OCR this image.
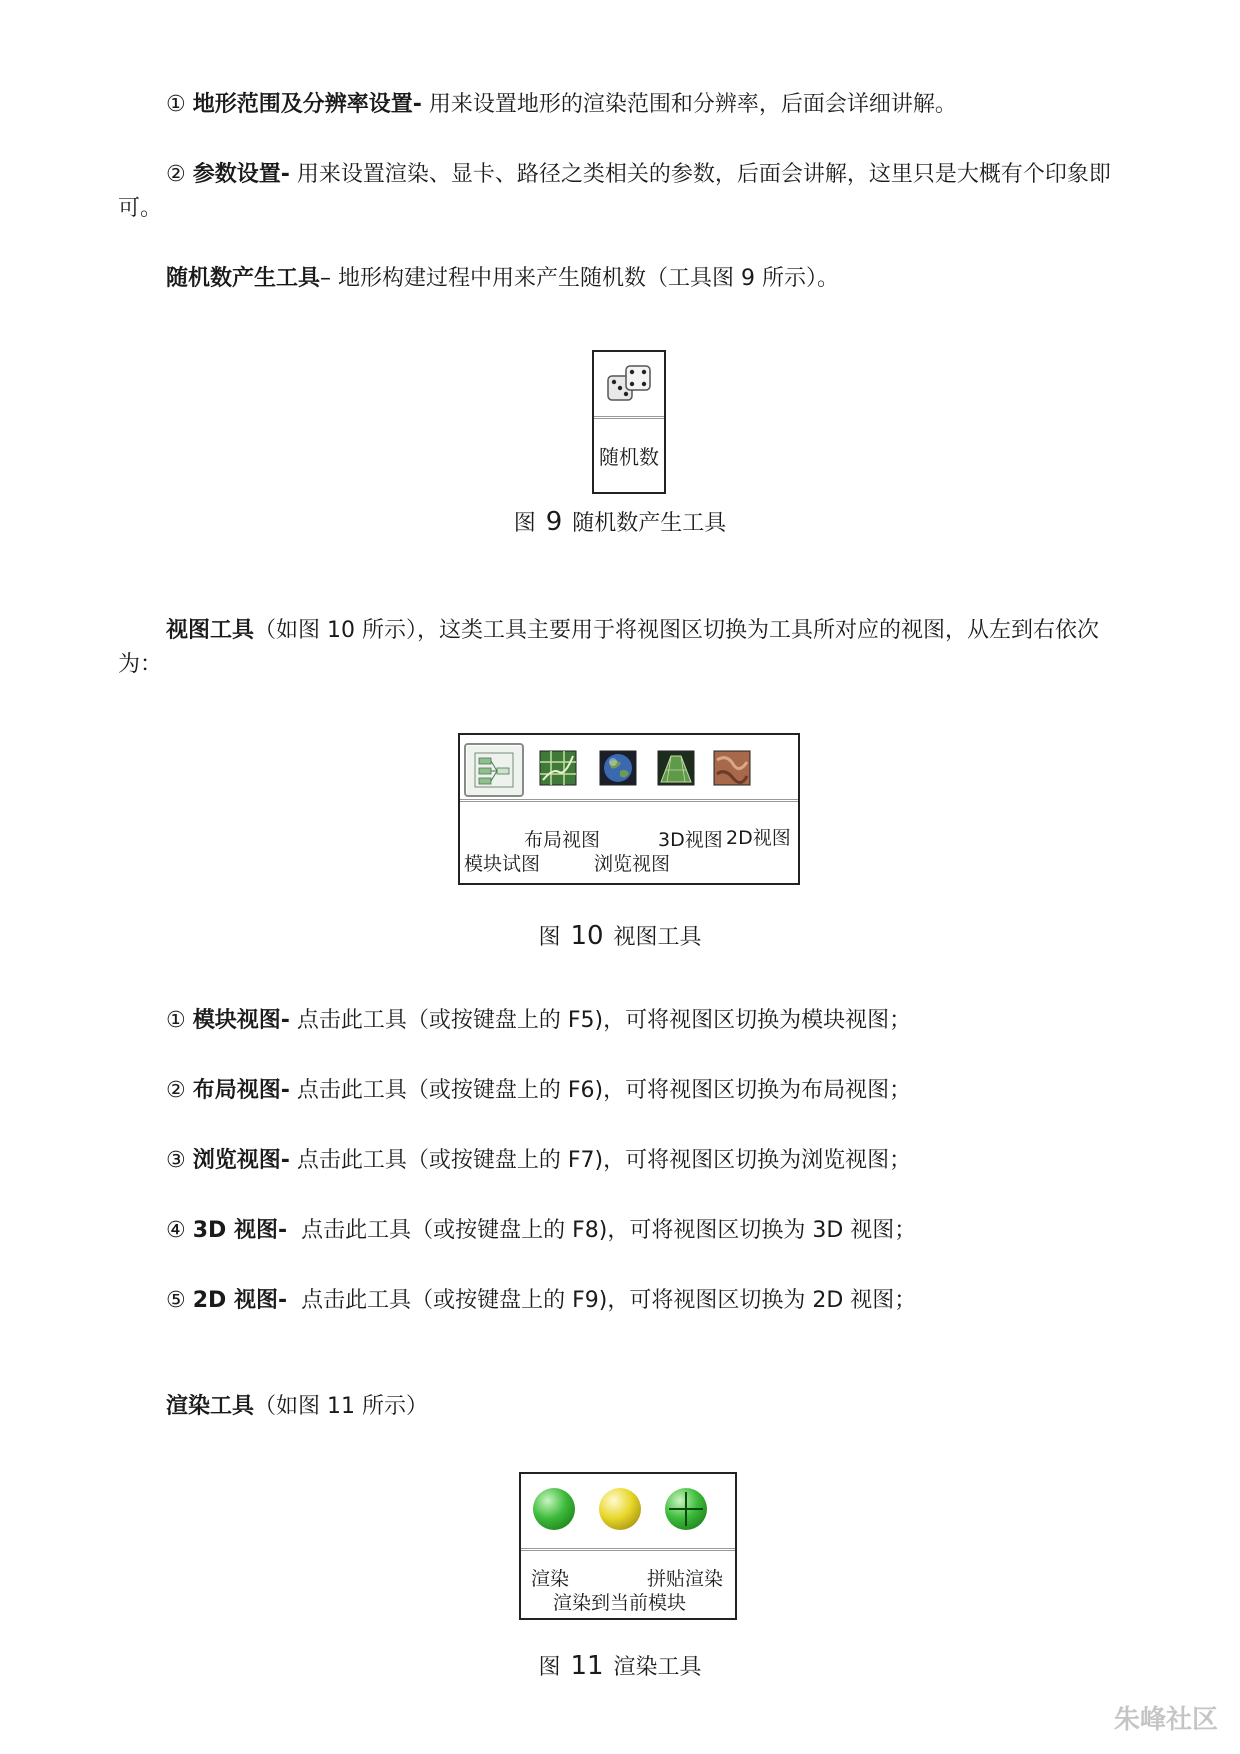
① 地形范围及分辨率设置- 用来设置地形的渲染范围和分辨率，后面会详细讲解。
② 参数设置- 用来设置渲染、显卡、路径之类相关的参数，后面会讲解，这里只是大概有个印象即可。
随机数产生工具– 地形构建过程中用来产生随机数（工具图 9 所示）。
随机数
图 9 随机数产生工具
视图工具（如图 10 所示），这类工具主要用于将视图区切换为工具所对应的视图，从左到右依次为：
布局视图	3D视图 2D视图
模块试图	浏览视图
图 10 视图工具
① 模块视图- 点击此工具（或按键盘上的 F5)，可将视图区切换为模块视图；
② 布局视图- 点击此工具（或按键盘上的 F6)，可将视图区切换为布局视图；
③ 浏览视图- 点击此工具（或按键盘上的 F7)，可将视图区切换为浏览视图；
④ 3D 视图-  点击此工具（或按键盘上的 F8)，可将视图区切换为 3D 视图；
⑤ 2D 视图-  点击此工具（或按键盘上的 F9)，可将视图区切换为 2D 视图；
渲染工具（如图 11 所示）
渲染	拼贴渲染
渲染到当前模块
图 11 渲染工具
朱峰社区
